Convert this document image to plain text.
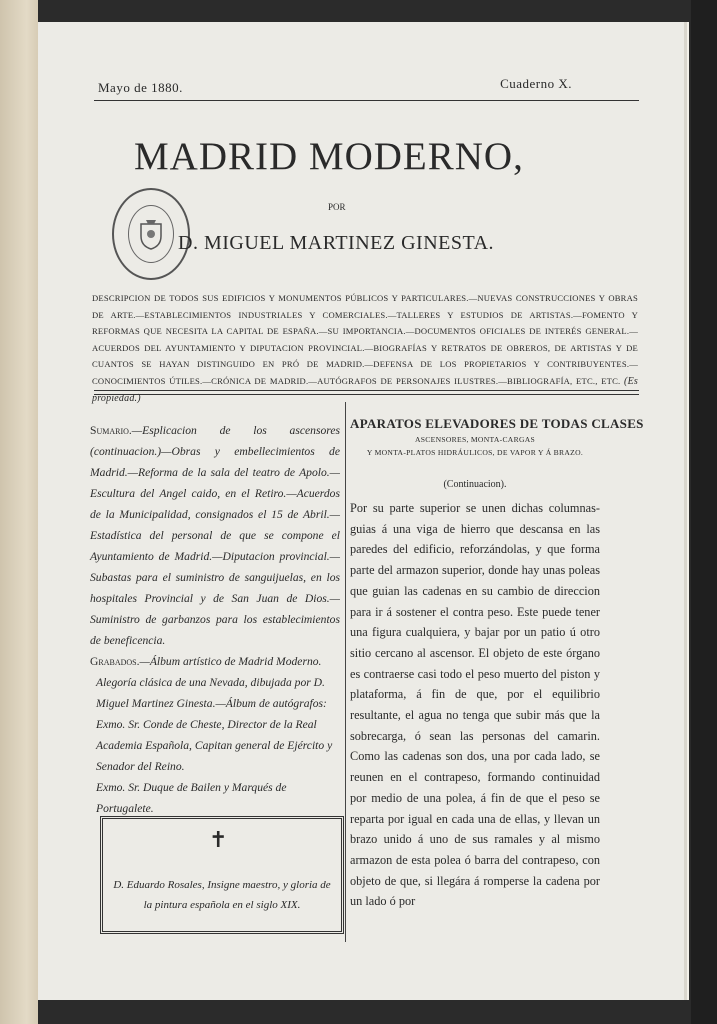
Mayo de 1880.	Cuaderno X.
MADRID MODERNO,
POR
D. MIGUEL MARTINEZ GINESTA.

DESCRIPCION DE TODOS SUS EDIFICIOS Y MONUMENTOS PÚBLICOS Y PARTICULARES.—NUEVAS CONSTRUCCIONES Y OBRAS DE ARTE.—ESTABLECIMIENTOS INDUSTRIALES Y COMERCIALES.—TALLERES Y ESTUDIOS DE ARTISTAS.—FOMENTO Y REFORMAS QUE NECESITA LA CAPITAL DE ESPAÑA.—SU IMPORTANCIA.—DOCUMENTOS OFICIALES DE INTERÉS GENERAL.—ACUERDOS DEL AYUNTAMIENTO Y DIPUTACION PROVINCIAL.—BIOGRAFÍAS Y RETRATOS DE OBREROS, DE ARTISTAS Y DE CUANTOS SE HAYAN DISTINGUIDO EN PRÓ DE MADRID.—DEFENSA DE LOS PROPIETARIOS Y CONTRIBUYENTES.—CONOCIMIENTOS ÚTILES.—CRÓNICA DE MADRID.—AUTÓGRAFOS DE PERSONAJES ILUSTRES.—BIBLIOGRAFÍA, ETC., ETC. (Es propiedad.)

Sumario.—Esplicacion de los ascensores (continuacion.)—Obras y embellecimientos de Madrid.—Reforma de la sala del teatro de Apolo.—Escultura del Angel caido, en el Retiro.—Acuerdos de la Municipalidad, consignados el 15 de Abril.—Estadística del personal de que se compone el Ayuntamiento de Madrid.—Diputacion provincial.—Subastas para el suministro de sanguijuelas, en los hospitales Provincial y de San Juan de Dios.—Suministro de garbanzos para los establecimientos de beneficencia.

Grabados.—Álbum artístico de Madrid Moderno.

Alegoría clásica de una Nevada, dibujada por D. Miguel Martinez Ginesta.—Álbum de autógrafos:

Exmo. Sr. Conde de Cheste, Director de la Real Academia Española, Capitan general de Ejército y Senador del Reino.

Exmo. Sr. Duque de Bailen y Marqués de Portugalete.

✝

D. Eduardo Rosales, Insigne maestro, y gloria de la pintura española en el siglo XIX.

APARATOS ELEVADORES DE TODAS CLASES

ASCENSORES, MONTA-CARGAS

Y MONTA-PLATOS HIDRÁULICOS, DE VAPOR Y Á BRAZO.

(Continuacion).

Por su parte superior se unen dichas columnas-guias á una viga de hierro que descansa en las paredes del edificio, reforzándolas, y que forma parte del armazon superior, donde hay unas poleas que guian las cadenas en su cambio de direccion para ir á sostener el contra peso. Este puede tener una figura cualquiera, y bajar por un patio ú otro sitio cercano al ascensor. El objeto de este órgano es contraerse casi todo el peso muerto del piston y plataforma, á fin de que, por el equilibrio resultante, el agua no tenga que subir más que la sobrecarga, ó sean las personas del camarin. Como las cadenas son dos, una por cada lado, se reunen en el contrapeso, formando continuidad por medio de una polea, á fin de que el peso se reparta por igual en cada una de ellas, y llevan un brazo unido á uno de sus ramales y al mismo armazon de esta polea ó barra del contrapeso, con objeto de que, si llegára á romperse la cadena por un lado ó por
